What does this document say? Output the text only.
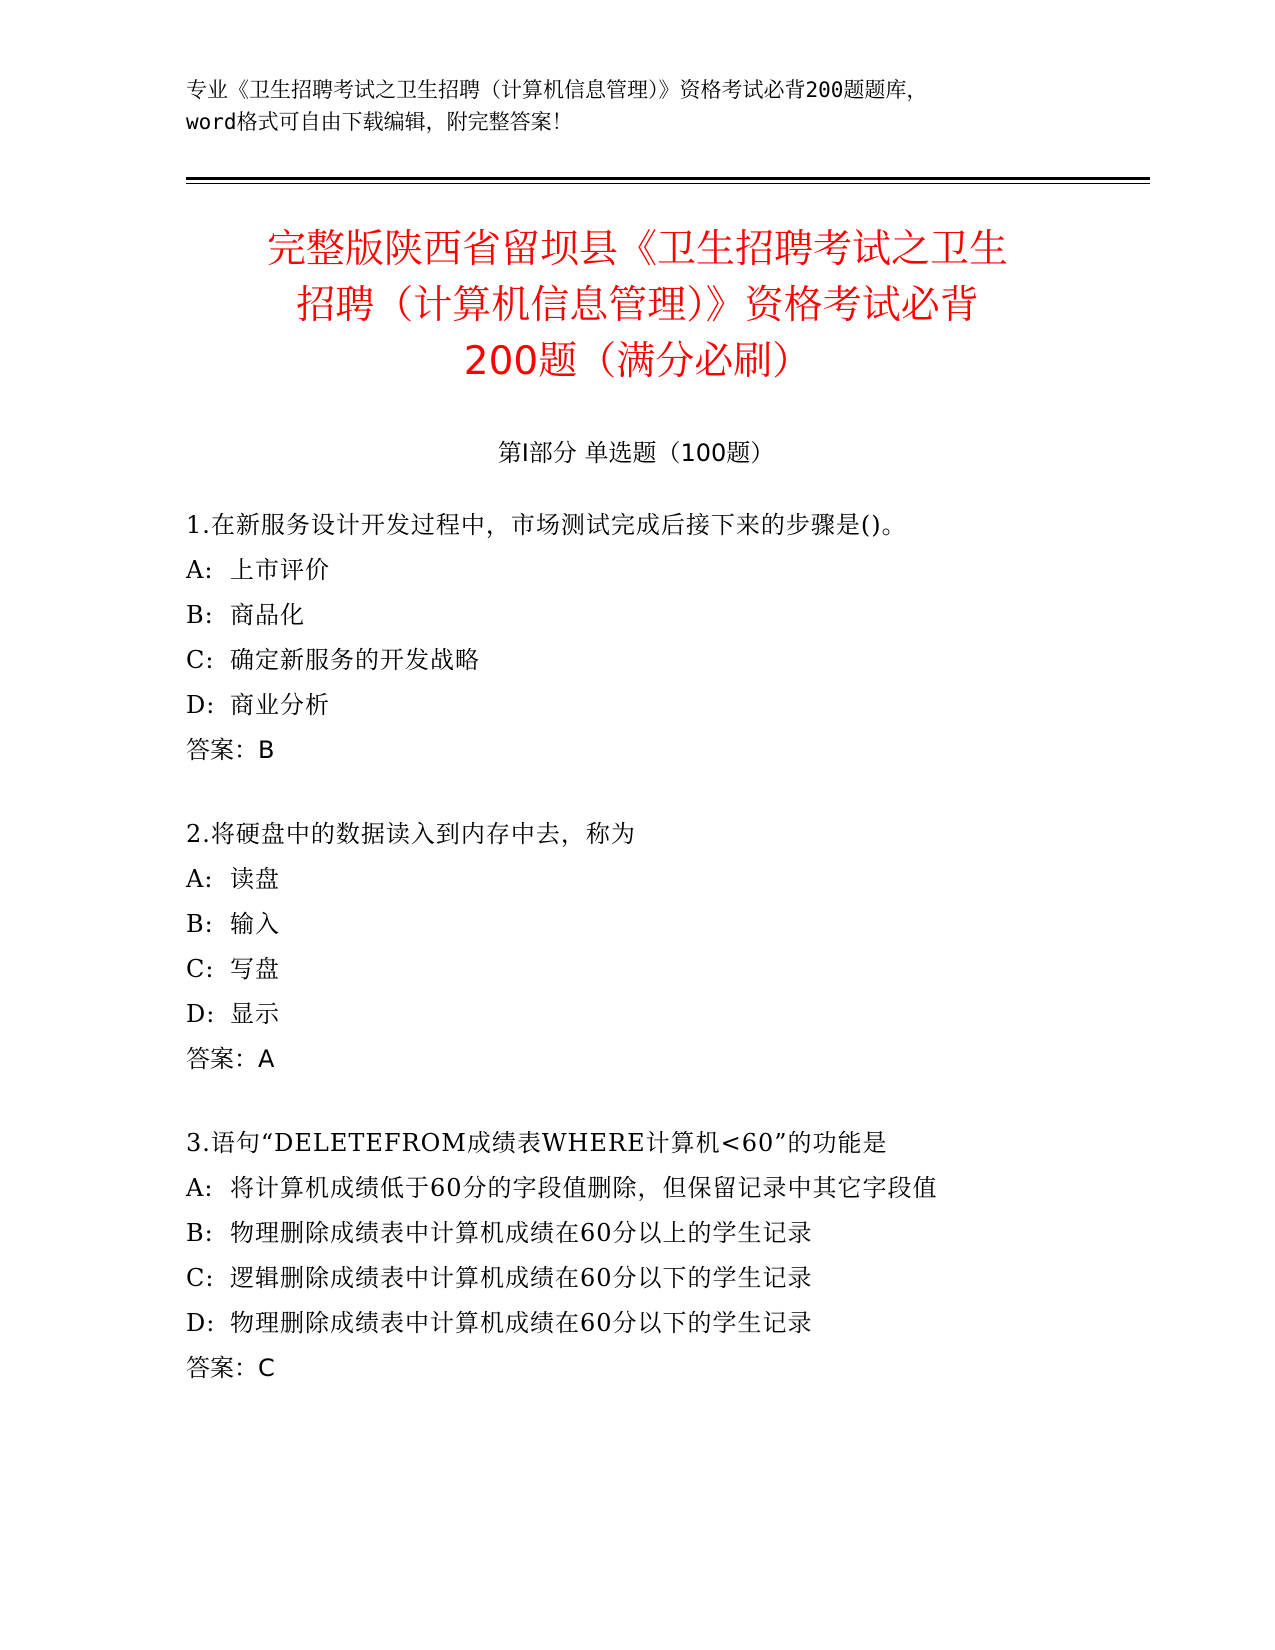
专业《卫生招聘考试之卫生招聘（计算机信息管理）》资格考试必背200题题库，
word格式可自由下载编辑，附完整答案！
完整版陕西省留坝县《卫生招聘考试之卫生
招聘（计算机信息管理）》资格考试必背
200题（满分必刷）
第Ⅰ部分 单选题（100题）
1.在新服务设计开发过程中，市场测试完成后接下来的步骤是()。
A: 上市评价
B: 商品化
C: 确定新服务的开发战略
D: 商业分析
答案：B
2.将硬盘中的数据读入到内存中去，称为
A: 读盘
B: 输入
C: 写盘
D: 显示
答案：A
3.语句“DELETEFROM成绩表WHERE计算机<60”的功能是
A: 将计算机成绩低于60分的字段值删除，但保留记录中其它字段值
B: 物理删除成绩表中计算机成绩在60分以上的学生记录
C: 逻辑删除成绩表中计算机成绩在60分以下的学生记录
D: 物理删除成绩表中计算机成绩在60分以下的学生记录
答案：C
